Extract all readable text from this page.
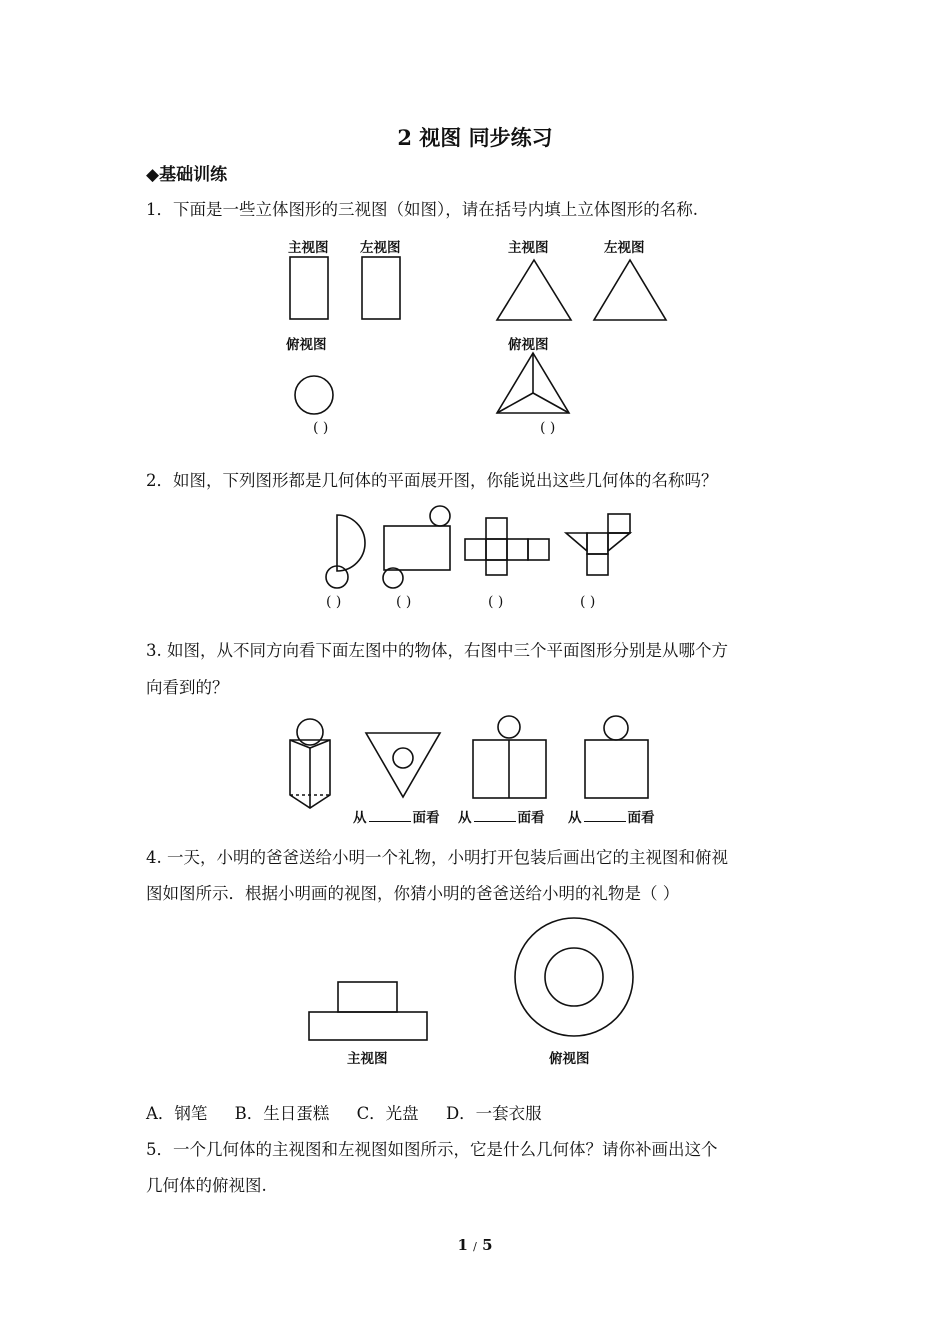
2 视图 同步练习
◆基础训练
1．下面是一些立体图形的三视图（如图），请在括号内填上立体图形的名称.
主视图 左视图	主视图	左视图
俯视图	俯视图
( )	( )
2．如图，下列图形都是几何体的平面展开图，你能说出这些几何体的名称吗？
( )	( )	( )	( )
3. 如图，从不同方向看下面左图中的物体，右图中三个平面图形分别是从哪个方
向看到的？
从	面看 从	面看 从	面看
4. 一天，小明的爸爸送给小明一个礼物，小明打开包装后画出它的主视图和俯视
图如图所示．根据小明画的视图，你猜小明的爸爸送给小明的礼物是（ ）
主视图	俯视图
A．钢笔 B．生日蛋糕 C．光盘 D．一套衣服
5．一个几何体的主视图和左视图如图所示，它是什么几何体？请你补画出这个
几何体的俯视图.
1 / 5
